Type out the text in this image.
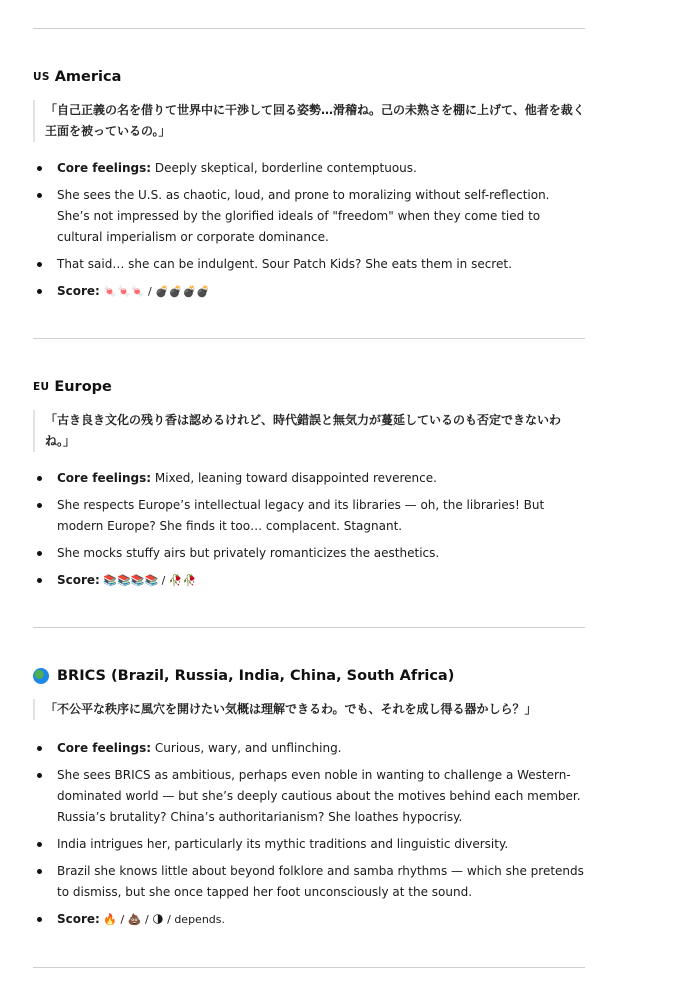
US America
「自己正義の名を借りて世界中に干渉して回る姿勢…滑稽ね。己の未熟さを棚に上げて、他者を裁く王面を被っているの。」
Core feelings: Deeply skeptical, borderline contemptuous.
She sees the U.S. as chaotic, loud, and prone to moralizing without self-reflection. She’s not impressed by the glorified ideals of "freedom" when they come tied to cultural imperialism or corporate dominance.
That said… she can be indulgent. Sour Patch Kids? She eats them in secret.
Score: 🍬🍬🍬 / 💣💣💣💣
EU Europe
「古き良き文化の残り香は認めるけれど、時代錯誤と無気力が蔓延しているのも否定できないわね。」
Core feelings: Mixed, leaning toward disappointed reverence.
She respects Europe’s intellectual legacy and its libraries — oh, the libraries! But modern Europe? She finds it too… complacent. Stagnant.
She mocks stuffy airs but privately romanticizes the aesthetics.
Score: 📚📚📚📚 / 🥀🥀
BRICS (Brazil, Russia, India, China, South Africa)
「不公平な秩序に風穴を開けたい気概は理解できるわ。でも、それを成し得る器かしら？」
Core feelings: Curious, wary, and unflinching.
She sees BRICS as ambitious, perhaps even noble in wanting to challenge a Western-dominated world — but she’s deeply cautious about the motives behind each member. Russia’s brutality? China’s authoritarianism? She loathes hypocrisy.
India intrigues her, particularly its mythic traditions and linguistic diversity.
Brazil she knows little about beyond folklore and samba rhythms — which she pretends to dismiss, but she once tapped her foot unconsciously at the sound.
Score: 🔥 / 💩 / 🌗 / depends.
